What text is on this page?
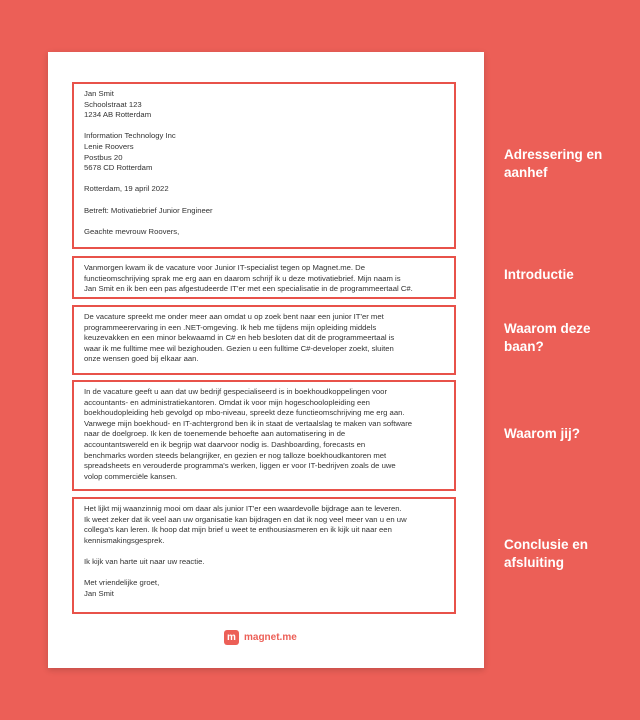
Jan Smit

Schoolstraat 123

1234 AB Rotterdam

Information Technology Inc

Lenie Roovers

Postbus 20

5678 CD Rotterdam

Rotterdam, 19 april 2022

Betreft: Motivatiebrief Junior Engineer

Geachte mevrouw Roovers,

Vanmorgen kwam ik de vacature voor Junior IT-specialist tegen op Magnet.me. De

functieomschrijving sprak me erg aan en daarom schrijf ik u deze motivatiebrief. Mijn naam is

Jan Smit en ik ben een pas afgestudeerde IT'er met een specialisatie in de programmeertaal C#.

De vacature spreekt me onder meer aan omdat u op zoek bent naar een junior IT'er met

programmeerervaring in een .NET-omgeving. Ik heb me tijdens mijn opleiding middels

keuzevakken en een minor bekwaamd in C# en heb besloten dat dit de programmeertaal is

waar ik me fulltime mee wil bezighouden. Gezien u een fulltime C#-developer zoekt, sluiten

onze wensen goed bij elkaar aan.

In de vacature geeft u aan dat uw bedrijf gespecialiseerd is in boekhoudkoppelingen voor

accountants- en administratiekantoren. Omdat ik voor mijn hogeschoolopleiding een

boekhoudopleiding heb gevolgd op mbo-niveau, spreekt deze functieomschrijving me erg aan.

Vanwege mijn boekhoud- en IT-achtergrond ben ik in staat de vertaalslag te maken van software

naar de doelgroep. Ik ken de toenemende behoefte aan automatisering in de

accountantswereld en ik begrijp wat daarvoor nodig is. Dashboarding, forecasts en

benchmarks worden steeds belangrijker, en gezien er nog talloze boekhoudkantoren met

spreadsheets en verouderde programma's werken, liggen er voor IT-bedrijven zoals de uwe

volop commerciële kansen.

Het lijkt mij waanzinnig mooi om daar als junior IT'er een waardevolle bijdrage aan te leveren.

Ik weet zeker dat ik veel aan uw organisatie kan bijdragen en dat ik nog veel meer van u en uw

collega's kan leren. Ik hoop dat mijn brief u weet te enthousiasmeren en ik kijk uit naar een

kennismakingsgesprek.

Ik kijk van harte uit naar uw reactie.

Met vriendelijke groet,

Jan Smit

m magnet.me
Adressering en aanhef
Introductie
Waarom deze baan?
Waarom jij?
Conclusie en afsluiting
